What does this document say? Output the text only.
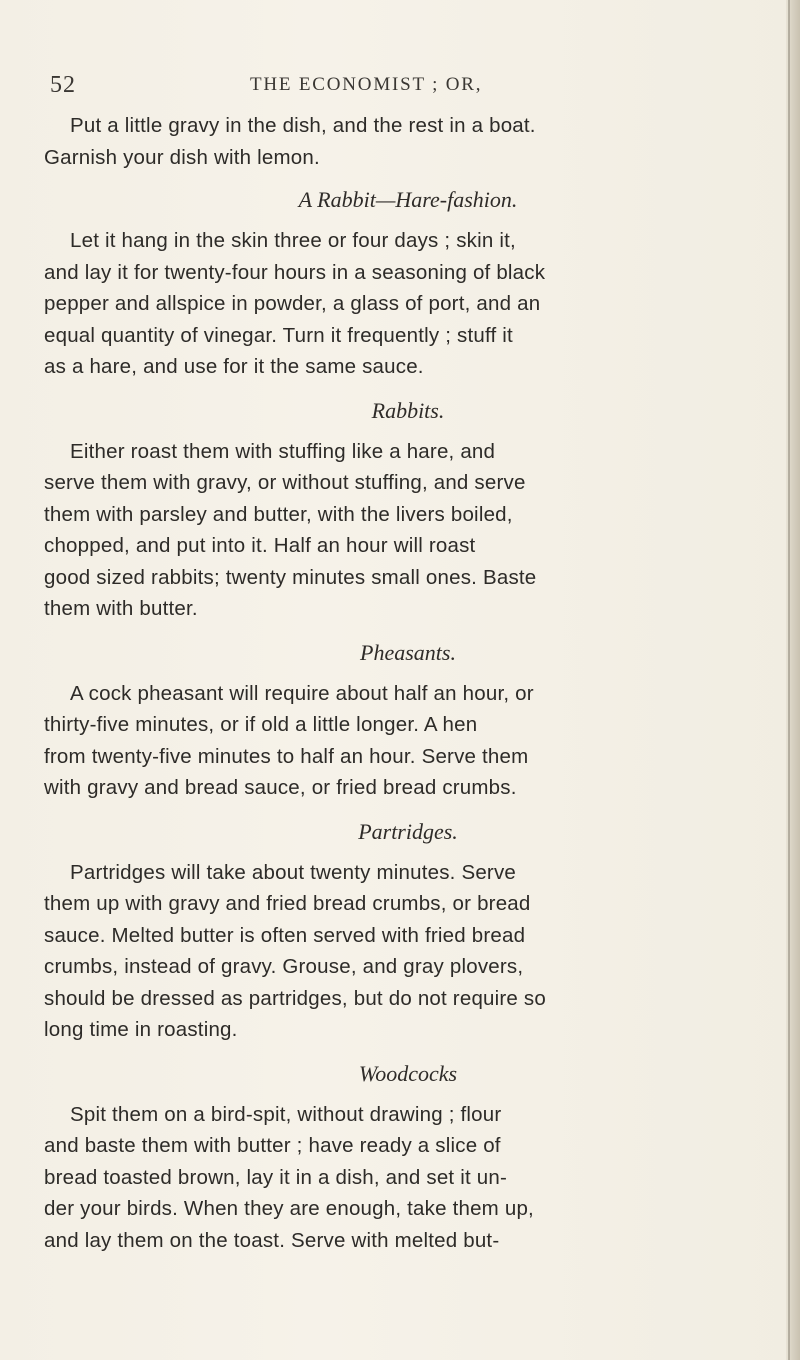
52	THE ECONOMIST ; OR,
Put a little gravy in the dish, and the rest in a boat.
Garnish your dish with lemon.
A Rabbit—Hare-fashion.
Let it hang in the skin three or four days ; skin it,
and lay it for twenty-four hours in a seasoning of black
pepper and allspice in powder, a glass of port, and an
equal quantity of vinegar. Turn it frequently ; stuff it
as a hare, and use for it the same sauce.
Rabbits.
Either roast them with stuffing like a hare, and
serve them with gravy, or without stuffing, and serve
them with parsley and butter, with the livers boiled,
chopped, and put into it. Half an hour will roast
good sized rabbits; twenty minutes small ones. Baste
them with butter.
Pheasants.
A cock pheasant will require about half an hour, or
thirty-five minutes, or if old a little longer. A hen
from twenty-five minutes to half an hour. Serve them
with gravy and bread sauce, or fried bread crumbs.
Partridges.
Partridges will take about twenty minutes. Serve
them up with gravy and fried bread crumbs, or bread
sauce. Melted butter is often served with fried bread
crumbs, instead of gravy. Grouse, and gray plovers,
should be dressed as partridges, but do not require so
long time in roasting.
Woodcocks
Spit them on a bird-spit, without drawing ; flour
and baste them with butter ; have ready a slice of
bread toasted brown, lay it in a dish, and set it un-
der your birds. When they are enough, take them up,
and lay them on the toast. Serve with melted but-
